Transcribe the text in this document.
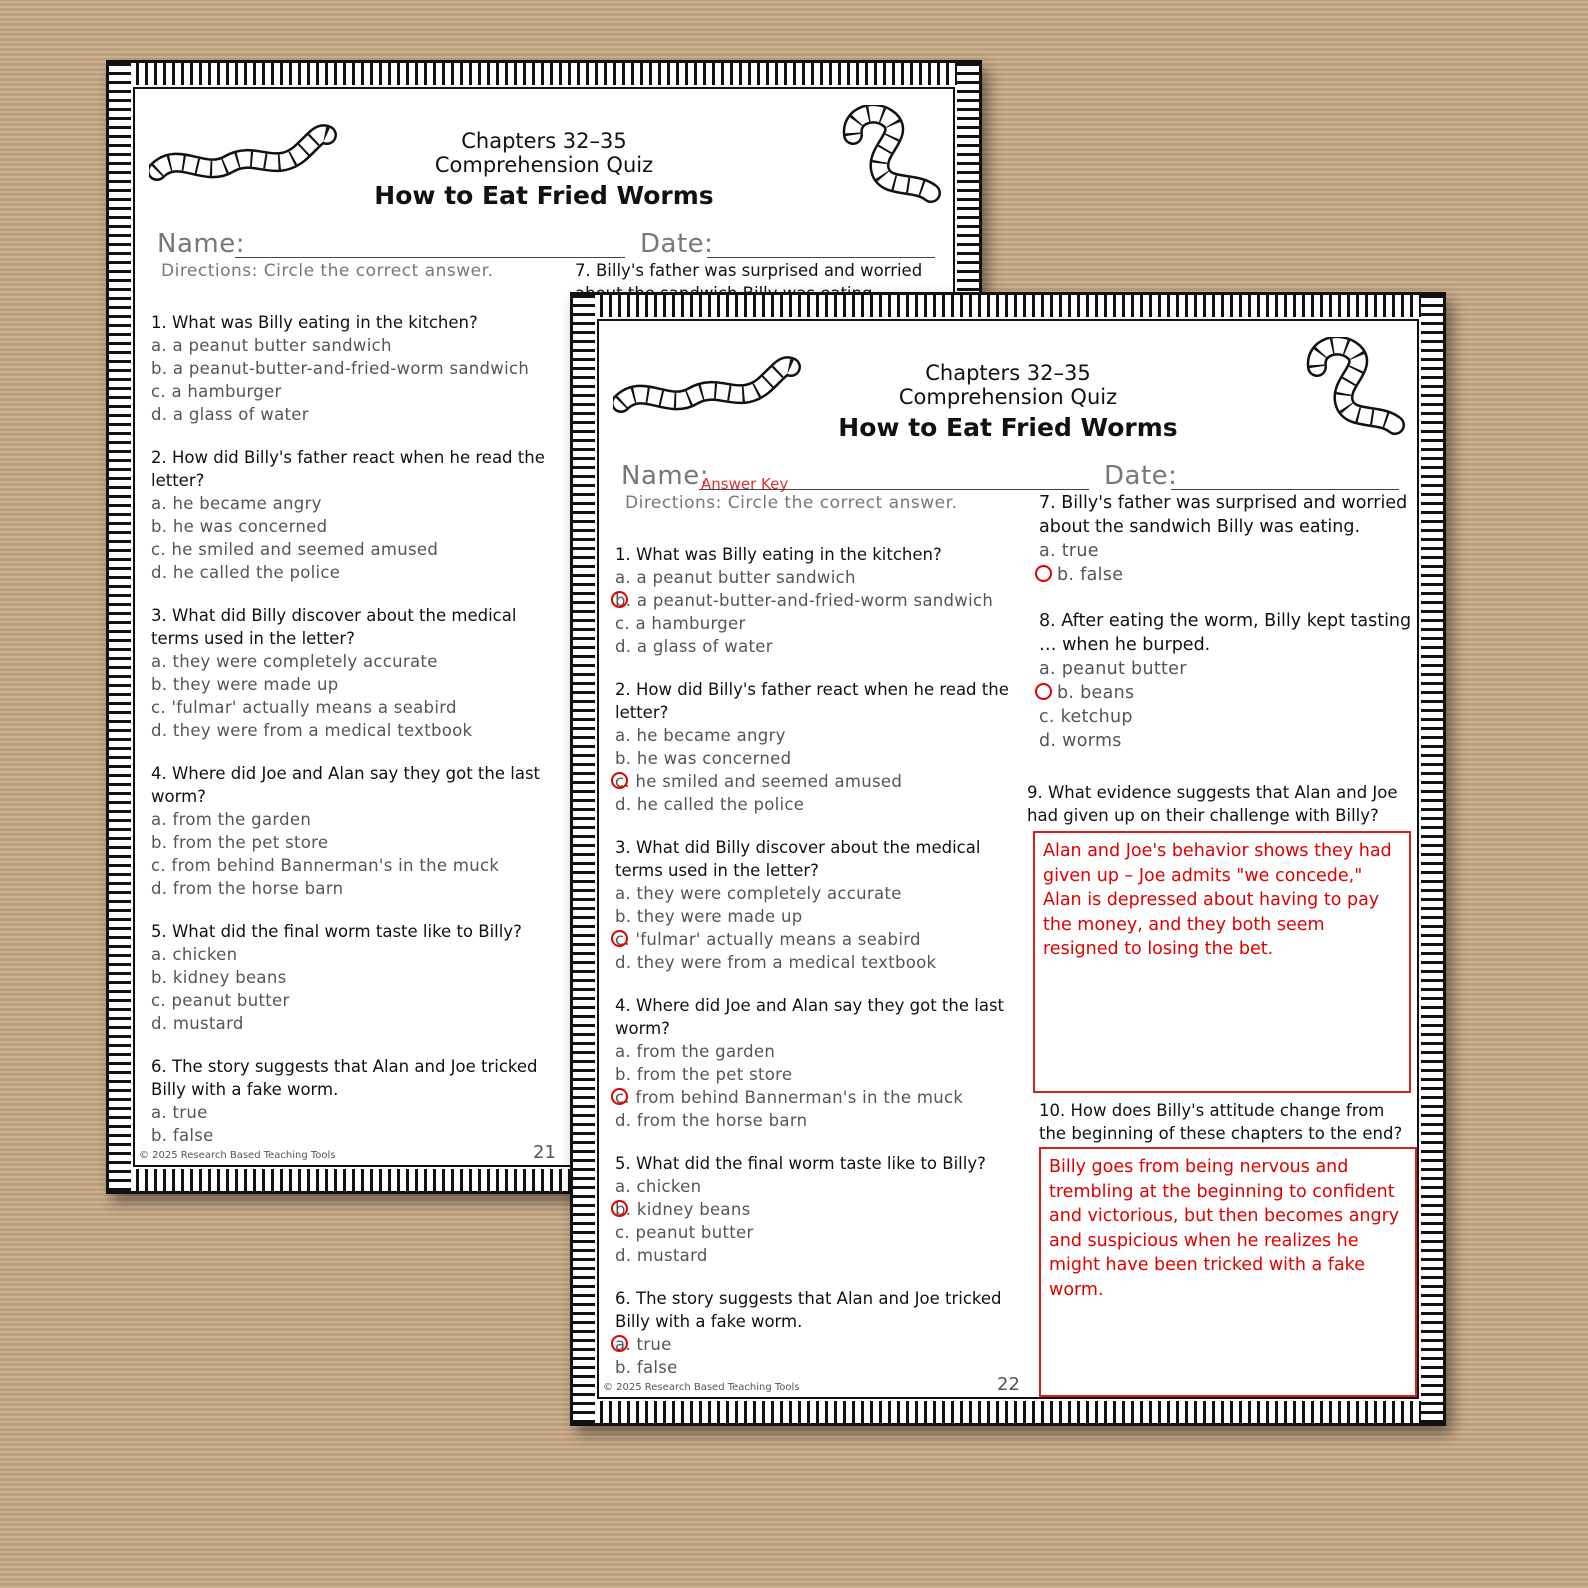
Chapters 32–35
Comprehension Quiz
How to Eat Fried Worms
Name:	Date:
Directions: Circle the correct answer.	7. Billy's father was surprised and worried
1. What was Billy eating in the kitchen?
a. a peanut butter sandwich
b. a peanut-butter-and-fried-worm sandwich
c. a hamburger
d. a glass of water
2. How did Billy's father react when he read the letter?
a. he became angry
b. he was concerned
c. he smiled and seemed amused
d. he called the police
3. What did Billy discover about the medical terms used in the letter?
a. they were completely accurate
b. they were made up
c. 'fulmar' actually means a seabird
d. they were from a medical textbook
4. Where did Joe and Alan say they got the last worm?
a. from the garden
b. from the pet store
c. from behind Bannerman's in the muck
d. from the horse barn
5. What did the final worm taste like to Billy?
a. chicken
b. kidney beans
c. peanut butter
d. mustard
6. The story suggests that Alan and Joe tricked Billy with a fake worm.
a. true
b. false
© 2025 Research Based Teaching Tools	21
Chapters 32–35
Comprehension Quiz
How to Eat Fried Worms
Name:
Answer Key	Date:
Directions: Circle the correct answer.
1. What was Billy eating in the kitchen?
a. a peanut butter sandwich
b. a peanut-butter-and-fried-worm sandwich
c. a hamburger
d. a glass of water
2. How did Billy's father react when he read the letter?
a. he became angry
b. he was concerned
c. he smiled and seemed amused
d. he called the police
3. What did Billy discover about the medical terms used in the letter?
a. they were completely accurate
b. they were made up
c. 'fulmar' actually means a seabird
d. they were from a medical textbook
4. Where did Joe and Alan say they got the last worm?
a. from the garden
b. from the pet store
c. from behind Bannerman's in the muck
d. from the horse barn
5. What did the final worm taste like to Billy?
a. chicken
b. kidney beans
c. peanut butter
d. mustard
6. The story suggests that Alan and Joe tricked Billy with a fake worm.
a. true
b. false
7. Billy's father was surprised and worried about the sandwich Billy was eating.
a. true
b. false
8. After eating the worm, Billy kept tasting … when he burped.
a. peanut butter
b. beans
c. ketchup
d. worms
9. What evidence suggests that Alan and Joe had given up on their challenge with Billy?
Alan and Joe's behavior shows they had given up – Joe admits "we concede," Alan is depressed about having to pay the money, and they both seem resigned to losing the bet.
10. How does Billy's attitude change from the beginning of these chapters to the end?
Billy goes from being nervous and trembling at the beginning to confident and victorious, but then becomes angry and suspicious when he realizes he might have been tricked with a fake worm.
© 2025 Research Based Teaching Tools	22
